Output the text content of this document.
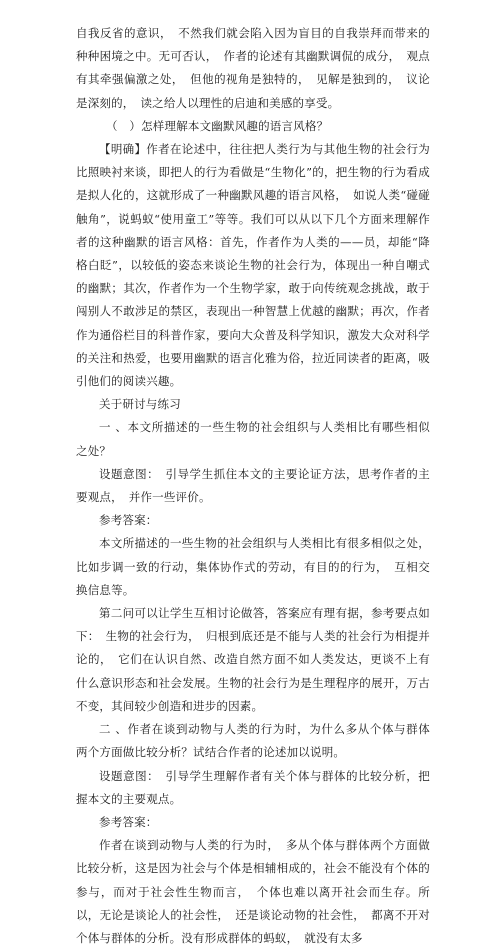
自我反省的意识，　不然我们就会陷入因为盲目的自我崇拜而带来的种种困境之中。无可否认，　作者的论述有其幽默调侃的成分，　观点有其牵强偏激之处，　但他的视角是独特的，　见解是独到的，　议论是深刻的，　读之给人以理性的启迪和美感的享受。

（　）怎样理解本文幽默风趣的语言风格？

【明确】作者在论述中，往往把人类行为与其他生物的社会行为比照映衬来谈，即把人的行为看做是“生物化”的，把生物的行为看成是拟人化的，这就形成了一种幽默风趣的语言风格，　如说人类“碰碰触角”，说蚂蚁“使用童工”等等。我们可以从以下几个方面来理解作者的这种幽默的语言风格：首先，作者作为人类的——员，却能“降格白眨”，以较低的姿态来谈论生物的社会行为，体现出一种自嘲式的幽默；其次，作者作为一个生物学家，敢于向传统观念挑战，敢于闯别人不敢涉足的禁区，表现出一种智慧上优越的幽默；再次，作者作为通俗栏目的科普作家，要向大众普及科学知识，激发大众对科学的关注和热爱，也要用幽默的语言化雅为俗，拉近同读者的距离，吸引他们的阅读兴趣。

关于研讨与练习

一 、本文所描述的一些生物的社会组织与人类相比有哪些相似之处？

设题意图：　引导学生抓住本文的主要论证方法，思考作者的主要观点，　并作一些评价。

参考答案：

本文所描述的一些生物的社会组织与人类相比有很多相似之处，比如步调一致的行动，集体协作式的劳动，有目的的行为，　互相交换信息等。

第二问可以让学生互相讨论做答，答案应有理有据，参考要点如下：　生物的社会行为，　归根到底还是不能与人类的社会行为相提并论的，　它们在认识自然、改造自然方面不如人类发达，更谈不上有什么意识形态和社会发展。生物的社会行为是生理程序的展开，万古不变，其间较少创造和进步的因素。

二 、作者在谈到动物与人类的行为时，为什么多从个体与群体两个方面做比较分析？试结合作者的论述加以说明。

设题意图：　引导学生理解作者有关个体与群体的比较分析，把握本文的主要观点。

参考答案：

作者在谈到动物与人类的行为时，　多从个体与群体两个方面做比较分析，这是因为社会与个体是相辅相成的，社会不能没有个体的参与，而对于社会性生物而言，　个体也难以离开社会而生存。所以，无论是谈论人的社会性，　还是谈论动物的社会性，　都离不开对个体与群体的分析。没有形成群体的蚂蚁，　就没有太多
